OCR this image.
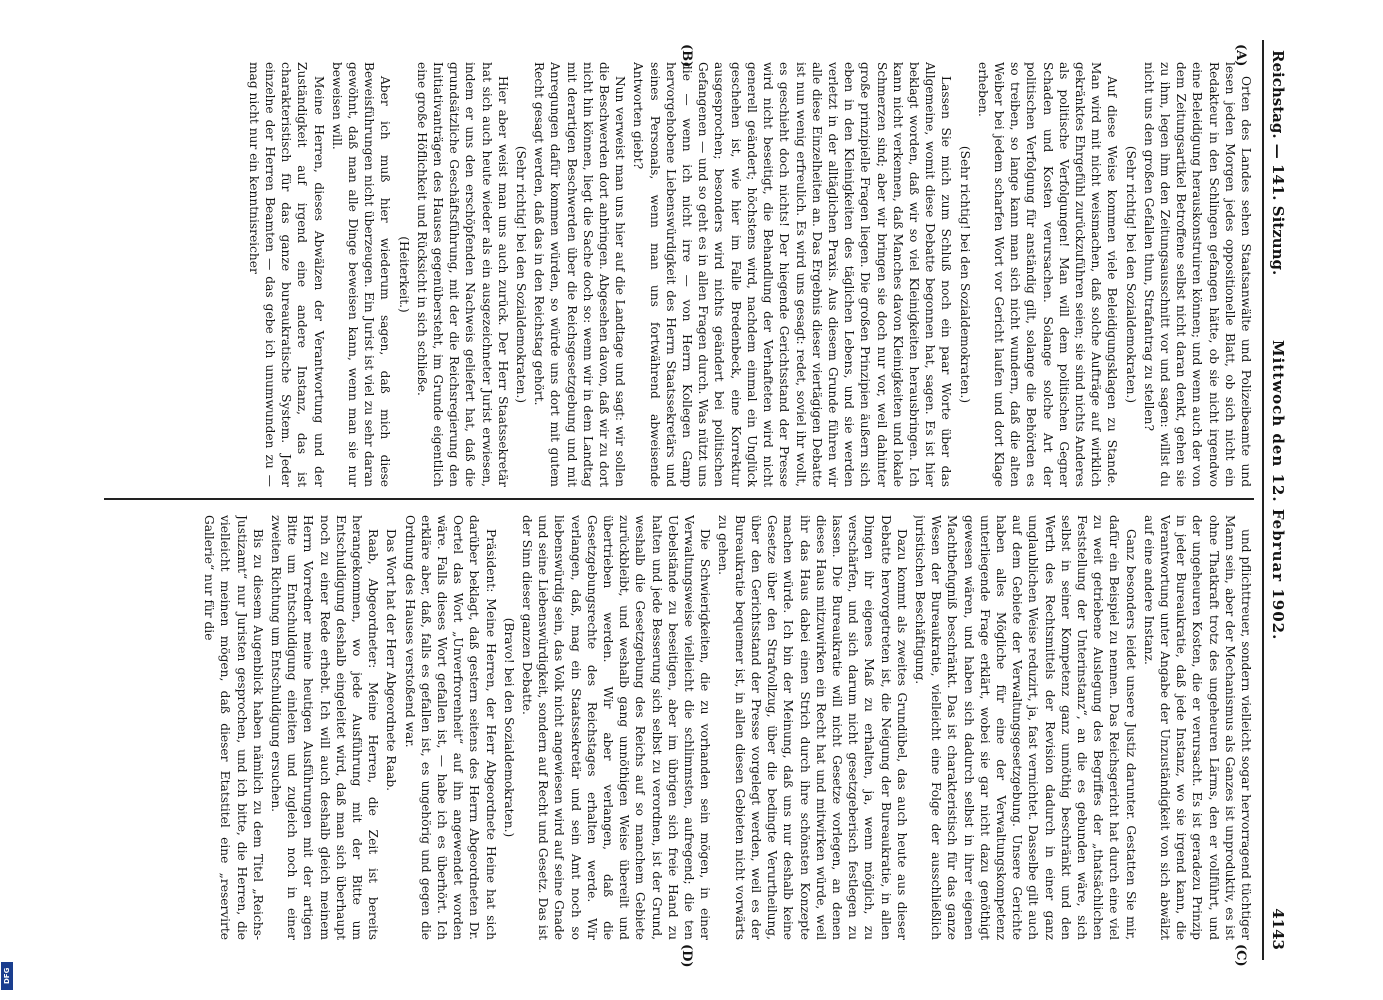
DFG
Reichstag. — 141. Sitzung.
Mittwoch den 12. Februar 1902.
4143
(A)
(B)
(C)
(D)

Orten des Landes sehen Staatsanwälte und Polizeibeamte und lesen jeden Morgen jedes oppositionelle Blatt, ob sich nicht ein Redakteur in den Schlingen gefangen hätte, ob sie nicht irgendwo eine Beleidigung herauskonstruiren können; und wenn auch der von dem Zeitungsartikel Betroffene selbst nicht daran denkt, gehen sie zu ihm, legen ihm den Zeitungsausschnitt vor und sagen: willst du nicht uns den großen Gefallen thun, Strafantrag zu stellen?

(Sehr richtig! bei den Sozialdemokraten.)

Auf diese Weise kommen viele Beleidigungsklagen zu Stande. Man wird mit nicht weismachen, daß solche Aufträge auf wirklich gekränktes Ehrgefühl zurückzuführen seien; sie sind nichts Anderes als politische Verfolgungen! Man will dem politischen Gegner Schaden und Kosten verursachen. Solange solche Art der politischen Verfolgung für anständig gilt, solange die Behörden es so treiben, so lange kann man sich nicht wundern, daß die alten Weiber bei jedem scharfen Wort vor Gericht laufen und dort Klage erheben.

(Sehr richtig! bei den Sozialdemokraten.)

Lassen Sie mich zum Schluß noch ein paar Worte über das Allgemeine, womit diese Debatte begonnen hat, sagen. Es ist hier beklagt worden, daß wir so viel Kleinigkeiten herausbringen. Ich kann nicht verkennen, daß Manches davon Kleinigkeiten und lokale Schmerzen sind; aber wir bringen sie doch nur vor, weil dahinter große prinzipielle Fragen liegen. Die großen Prinzipien äußern sich eben in den Kleinigkeiten des täglichen Lebens, und sie werden verletzt in der alltäglichen Praxis. Aus diesem Grunde führen wir alle diese Einzelheiten an. Das Ergebnis dieser viertägigen Debatte ist nun wenig erfreulich. Es wird uns gesagt: redet, soviel ihr wollt, es geschieht doch nichts! Der hiegende Gerichtsstand der Presse wird nicht beseitigt, die Behandlung der Verhafteten wird nicht generell geändert; höchstens wird, nachdem einmal ein Unglück geschehen ist, wie hier im Falle Bredenbeck, eine Korrektur ausgesprochen; besonders wird nichts geändert bei politischen Gefangenen — und so geht es in allen Fragen durch. Was nützt uns die — wenn ich nicht irre — von Herrn Kollegen Gamp hervorgehobene Liebenswürdigkeit des Herrn Staatssekretärs und seines Personals, wenn man uns fortwährend abweisende Antworten giebt?

Nun verweist man uns hier auf die Landtage und sagt: wir sollen die Beschwerden dort anbringen. Abgesehen davon, daß wir zu dort nicht hin können, liegt die Sache doch so: wenn wir in dem Landtag mit derartigen Beschwerden über die Reichsgesetzgebung und mit Anregungen dafür kommen würden, so würde uns dort mit gutem Recht gesagt werden, daß das in den Reichstag gehört.

(Sehr richtig! bei den Sozialdemokraten.)

Hier aber weist man uns auch zurück. Der Herr Staatssekretär hat sich auch heute wieder als ein ausgezeichneter Jurist erwiesen, indem er uns den erschöpfenden Nachweis geliefert hat, daß die grundsätzliche Geschäftsführung, mit der die Reichsregierung den Initiativanträgen des Hauses gegenübersteht, im Grunde eigentlich eine große Höflichkeit und Rücksicht in sich schließe.

(Heiterkeit.)

Aber ich muß hier wiederum sagen, daß mich diese Beweisführungen nicht überzeugen. Ein Jurist ist viel zu sehr daran gewöhnt, daß man alle Dinge beweisen kann, wenn man sie nur beweisen will.

Meine Herren, dieses Abwälzen der Verantwortung und der Zuständigkeit auf irgend eine andere Instanz, das ist charakteristisch für das ganze bureaukratische System. Jeder einzelne der Herren Beamten — das gebe ich unumwunden zu — mag nicht nur ein kenntnisreicher

und pflichttreuer, sondern vielleicht sogar hervorragend tüchtiger Mann sein, aber der Mechanismus als Ganzes ist unproduktiv, es ist ohne Thatkraft trotz des ungeheuren Lärms, den er vollführt, und der ungeheuren Kosten, die er verursacht. Es ist geradezu Prinzip in jeder Bureaukratie, daß jede Instanz, wo sie irgend kann, die Verantwortung unter Angabe der Unzuständigkeit von sich abwälzt auf eine andere Instanz.

Ganz besonders leidet unsere Justiz darunter. Gestatten Sie mir, dafür ein Beispiel zu nennen. Das Reichsgericht hat durch eine viel zu weit getriebene Auslegung des Begriffes der „thatsächlichen Feststellung der Unterinstanz“, an die es gebunden wäre, sich selbst in seiner Kompetenz ganz unnöthig beschränkt und den Werth des Rechtsmittels der Revision dadurch in einer ganz unglaublichen Weise reduzirt, ja, fast vernichtet. Dasselbe gilt auch auf dem Gebiete der Verwaltungsgesetzgebung. Unsere Gerichte haben alles Mögliche für eine der Verwaltungskompetenz unterliegende Frage erklärt, wobei sie gar nicht dazu genöthigt gewesen wären, und haben sich dadurch selbst in ihrer eigenen Machtbefugniß beschränkt. Das ist charakteristisch für das ganze Wesen der Bureaukratie, vielleicht eine Folge der ausschließlich juristischen Beschäftigung.

Dazu kommt als zweites Grundübel, das auch heute aus dieser Debatte hervorgetreten ist, die Neigung der Bureaukratie, in allen Dingen ihr eigenes Maß zu erhalten, ja, wenn möglich, zu verschärfen, und sich darum nicht gesetzgeberisch festlegen zu lassen. Die Bureaukratie will nicht Gesetze vorlegen, an denen dieses Haus mitzuwirken ein Recht hat und mitwirken würde, weil ihr das Haus dabei einen Strich durch ihre schönsten Konzepte machen würde. Ich bin der Meinung, daß uns nur deshalb keine Gesetze über den Strafvollzug, über die bedingte Verurtheilung, über den Gerichtsstand der Presse vorgelegt werden, weil es der Bureaukratie bequemer ist, in allen diesen Gebieten nicht vorwärts zu gehen.

Die Schwierigkeiten, die zu vorhanden sein mögen, in einer Verwaltungsweise vielleicht die schlimmsten, aufregend; die ten Uebelstände zu beseitigen, aber im übrigen sich freie Hand zu halten und jede Besserung sich selbst zu verordnen, ist der Grund, weshalb die Gesetzgebung des Reichs auf so manchem Gebiete zurückbleibt, und weshalb gang unnöthigen Weise übereilt und übertrieben werden. Wir aber verlangen, daß die Gesetzgebungsrechte des Reichstages erhalten werde. Wir verlangen, daß, mag ein Staatssekretär und sein Amt noch so liebenswürdig sein, das Volk nicht angewiesen wird auf seine Gnade und seine Liebenswürdigkeit, sondern auf Recht und Gesetz. Das ist der Sinn dieser ganzen Debatte.

(Bravo! bei den Sozialdemokraten.)

Präsident: Meine Herren, der Herr Abgeordnete Heine hat sich darüber beklagt, daß gestern seitens des Herrn Abgeordneten Dr. Oertel das Wort „Unverfrorenheit“ auf ihn angewendet worden wäre. Falls dieses Wort gefallen ist, — habe ich es überhört. Ich erkläre aber, daß, falls es gefallen ist, es ungehörig und gegen die Ordnung des Hauses verstoßend war.

Das Wort hat der Herr Abgeordnete Raab.

Raab, Abgeordneter: Meine Herren, die Zeit ist bereits herangekommen, wo jede Ausführung mit der Bitte um Entschuldigung deshalb eingeleitet wird, daß man sich überhaupt noch zu einer Rede erhebt. Ich will auch deshalb gleich meinem Herrn Vorredner meine heutigen Ausführungen mit der artigen Bitte um Entschuldigung einleiten und zugleich noch in einer zweiten Richtung um Entschuldigung ersuchen.

Bis zu diesem Augenblick haben nämlich zu dem Titel „Reichs-Justizamt“ nur Juristen gesprochen, und ich bitte, die Herren, die vielleicht meinen mögen, daß dieser Etatstitel eine „reservirte Gallerie“ nur für die
